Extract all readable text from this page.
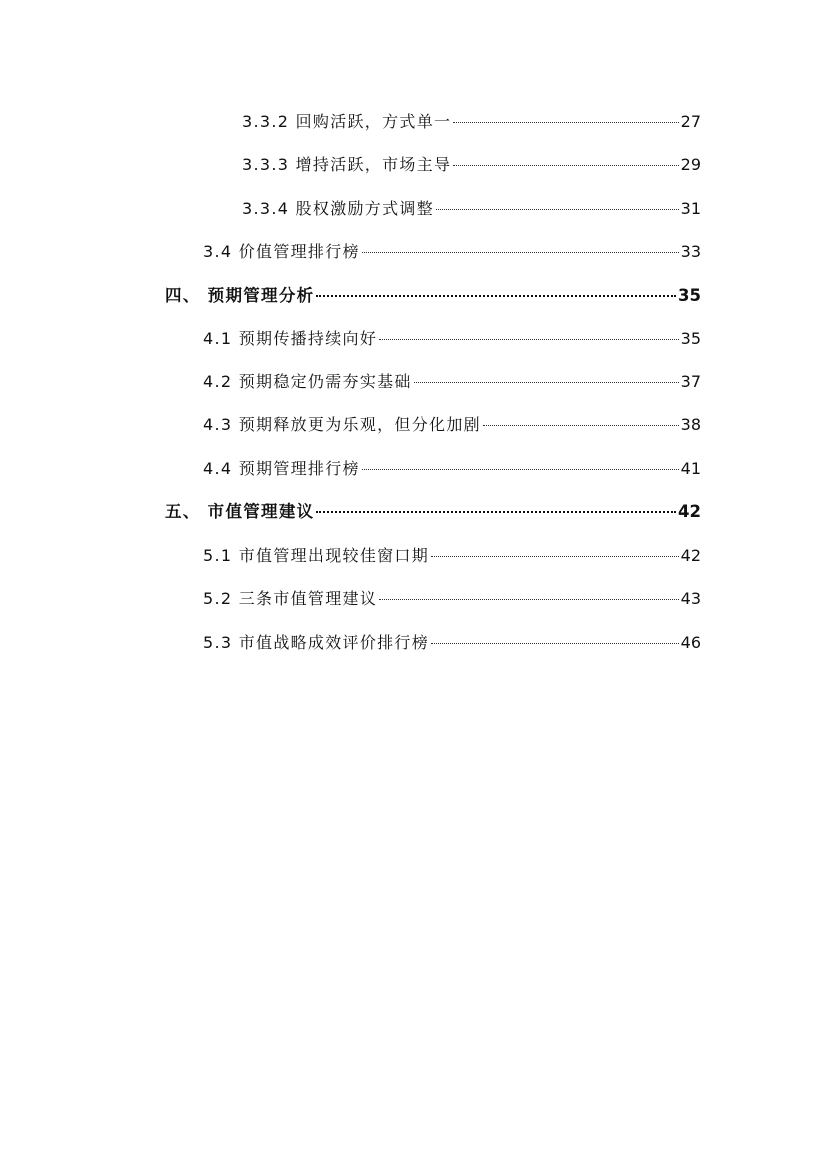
3.3.2 回购活跃，方式单一	27
3.3.3 增持活跃，市场主导	29
3.3.4 股权激励方式调整	31
3.4 价值管理排行榜	33
四、 预期管理分析	35
4.1 预期传播持续向好	35
4.2 预期稳定仍需夯实基础	37
4.3 预期释放更为乐观，但分化加剧	38
4.4 预期管理排行榜	41
五、 市值管理建议	42
5.1 市值管理出现较佳窗口期	42
5.2 三条市值管理建议	43
5.3 市值战略成效评价排行榜	46
